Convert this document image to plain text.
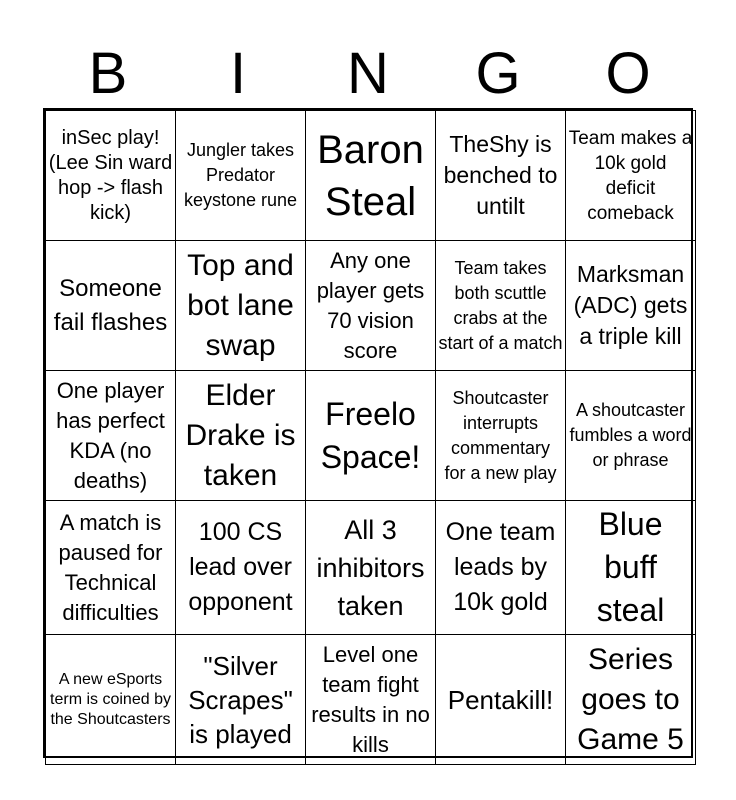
B	I	N	G	O
inSec play! (Lee Sin ward hop -> flash kick)	Jungler takes Predator keystone rune	Baron Steal	TheShy is benched to untilt	Team makes a 10k gold deficit comeback
Someone fail flashes	Top and bot lane swap	Any one player gets 70 vision score	Team takes both scuttle crabs at the start of a match	Marksman (ADC) gets a triple kill
One player has perfect KDA (no deaths)	Elder Drake is taken	Freelo Space!	Shoutcaster interrupts commentary for a new play	A shoutcaster fumbles a word or phrase
A match is paused for Technical difficulties	100 CS lead over opponent	All 3 inhibitors taken	One team leads by 10k gold	Blue buff steal
A new eSports term is coined by the Shoutcasters	"Silver Scrapes" is played	Level one team fight results in no kills	Pentakill!	Series goes to Game 5
